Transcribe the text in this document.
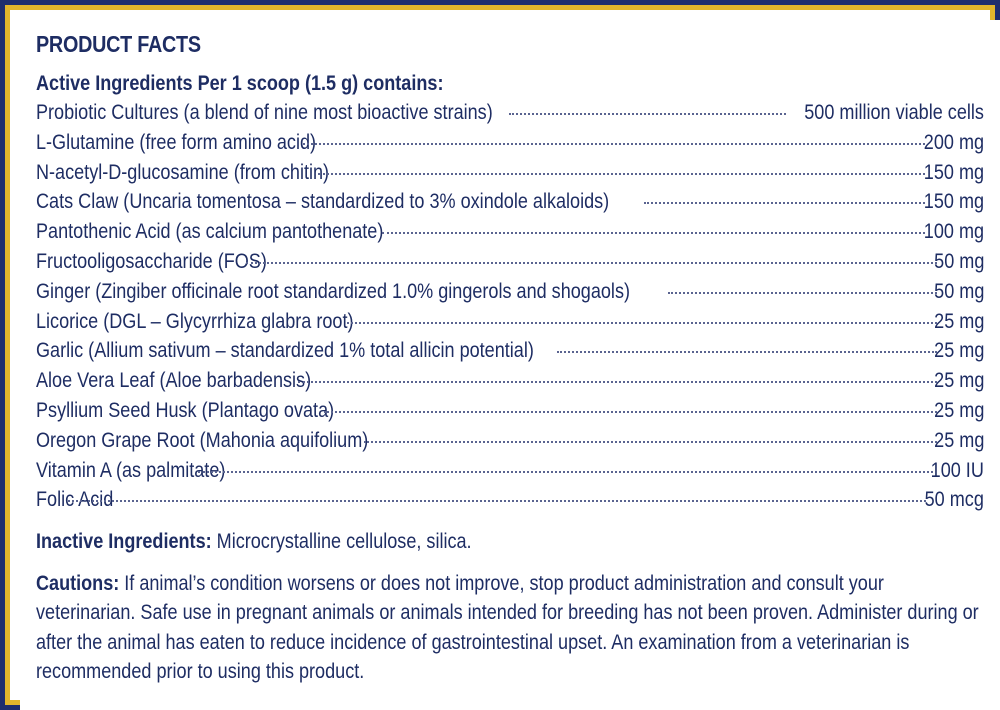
PRODUCT FACTS
Active Ingredients Per 1 scoop (1.5 g) contains:
Probiotic Cultures (a blend of nine most bioactive strains)	500 million viable cells
L-Glutamine (free form amino acid)	200 mg
N-acetyl-D-glucosamine (from chitin)	150 mg
Cats Claw (Uncaria tomentosa – standardized to 3% oxindole alkaloids)	150 mg
Pantothenic Acid (as calcium pantothenate)	100 mg
Fructooligosaccharide (FOS)	50 mg
Ginger (Zingiber officinale root standardized 1.0% gingerols and shogaols)	50 mg
Licorice (DGL – Glycyrrhiza glabra root)	25 mg
Garlic (Allium sativum – standardized 1% total allicin potential)	25 mg
Aloe Vera Leaf (Aloe barbadensis)	25 mg
Psyllium Seed Husk (Plantago ovata)	25 mg
Oregon Grape Root (Mahonia aquifolium)	25 mg
Vitamin A (as palmitate)	100 IU
Folic Acid	50 mcg

Inactive Ingredients: Microcrystalline cellulose, silica.

Cautions: If animal’s condition worsens or does not improve, stop product administration and consult your veterinarian. Safe use in pregnant animals or animals intended for breeding has not been proven. Administer during or after the animal has eaten to reduce incidence of gastrointestinal upset. An examination from a veterinarian is recommended prior to using this product.
